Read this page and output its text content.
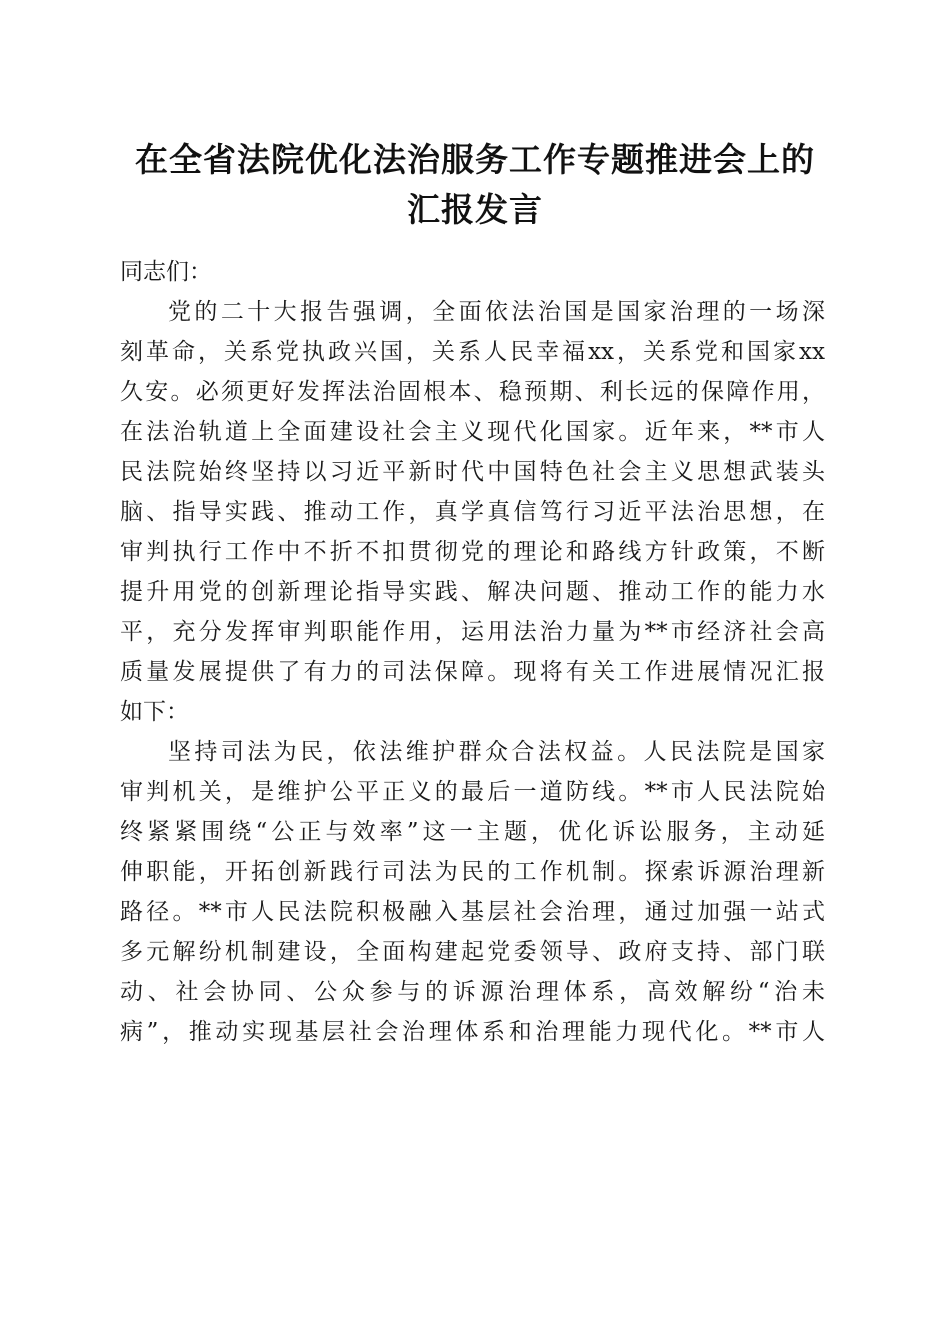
在全省法院优化法治服务工作专题推进会上的
汇报发言
同志们：
党的二十大报告强调，全面依法治国是国家治理的一场深
刻革命，关系党执政兴国，关系人民幸福xx，关系党和国家xx
久安。必须更好发挥法治固根本、稳预期、利长远的保障作用，
在法治轨道上全面建设社会主义现代化国家。近年来，**市人
民法院始终坚持以习近平新时代中国特色社会主义思想武装头
脑、指导实践、推动工作，真学真信笃行习近平法治思想，在
审判执行工作中不折不扣贯彻党的理论和路线方针政策，不断
提升用党的创新理论指导实践、解决问题、推动工作的能力水
平，充分发挥审判职能作用，运用法治力量为**市经济社会高
质量发展提供了有力的司法保障。现将有关工作进展情况汇报
如下：
坚持司法为民，依法维护群众合法权益。人民法院是国家
审判机关，是维护公平正义的最后一道防线。**市人民法院始
终紧紧围绕“公正与效率”这一主题，优化诉讼服务，主动延
伸职能，开拓创新践行司法为民的工作机制。探索诉源治理新
路径。**市人民法院积极融入基层社会治理，通过加强一站式
多元解纷机制建设，全面构建起党委领导、政府支持、部门联
动、社会协同、公众参与的诉源治理体系，高效解纷“治未
病”，推动实现基层社会治理体系和治理能力现代化。**市人
